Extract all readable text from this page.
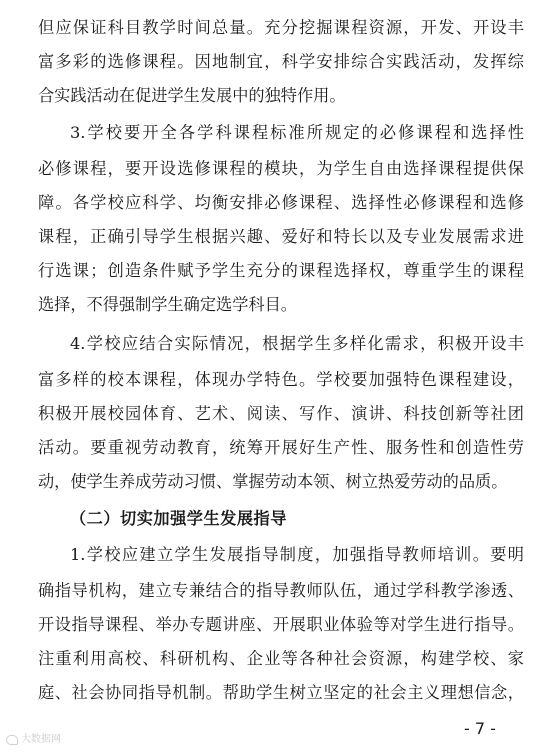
但应保证科目教学时间总量。充分挖掘课程资源，开发、开设丰
富多彩的选修课程。因地制宜，科学安排综合实践活动，发挥综
合实践活动在促进学生发展中的独特作用。
3.学校要开全各学科课程标准所规定的必修课程和选择性
必修课程，要开设选修课程的模块，为学生自由选择课程提供保
障。各学校应科学、均衡安排必修课程、选择性必修课程和选修
课程，正确引导学生根据兴趣、爱好和特长以及专业发展需求进
行选课；创造条件赋予学生充分的课程选择权，尊重学生的课程
选择，不得强制学生确定选学科目。
4.学校应结合实际情况，根据学生多样化需求，积极开设丰
富多样的校本课程，体现办学特色。学校要加强特色课程建设，
积极开展校园体育、艺术、阅读、写作、演讲、科技创新等社团
活动。要重视劳动教育，统筹开展好生产性、服务性和创造性劳
动，使学生养成劳动习惯、掌握劳动本领、树立热爱劳动的品质。
（二）切实加强学生发展指导
1.学校应建立学生发展指导制度，加强指导教师培训。要明
确指导机构，建立专兼结合的指导教师队伍，通过学科教学渗透、
开设指导课程、举办专题讲座、开展职业体验等对学生进行指导。
注重利用高校、科研机构、企业等各种社会资源，构建学校、家
庭、社会协同指导机制。帮助学生树立坚定的社会主义理想信念，
- 7 -
大数据网
